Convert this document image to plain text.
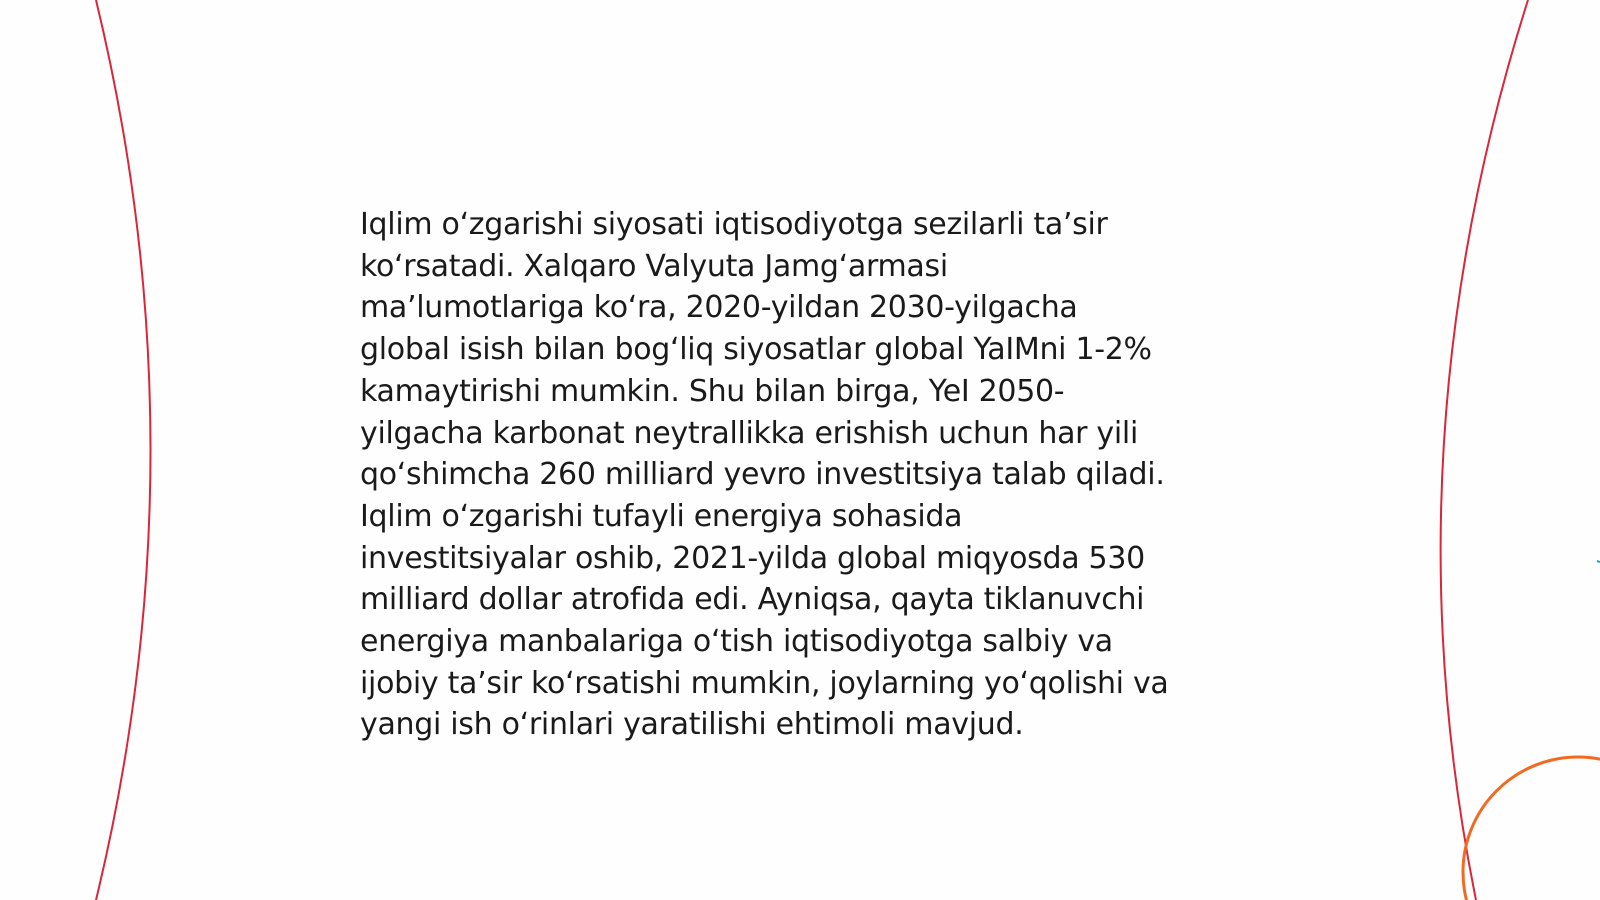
Iqlim oʻzgarishi siyosati iqtisodiyotga sezilarli taʼsir
koʻrsatadi. Xalqaro Valyuta Jamgʻarmasi
maʼlumotlariga koʻra, 2020-yildan 2030-yilgacha
global isish bilan bogʻliq siyosatlar global YaIMni 1-2%
kamaytirishi mumkin. Shu bilan birga, YeI 2050-
yilgacha karbonat neytrallikka erishish uchun har yili
qoʻshimcha 260 milliard yevro investitsiya talab qiladi.
Iqlim oʻzgarishi tufayli energiya sohasida
investitsiyalar oshib, 2021-yilda global miqyosda 530
milliard dollar atrofida edi. Ayniqsa, qayta tiklanuvchi
energiya manbalariga oʻtish iqtisodiyotga salbiy va
ijobiy taʼsir koʻrsatishi mumkin, joylarning yoʻqolishi va
yangi ish oʻrinlari yaratilishi ehtimoli mavjud.
